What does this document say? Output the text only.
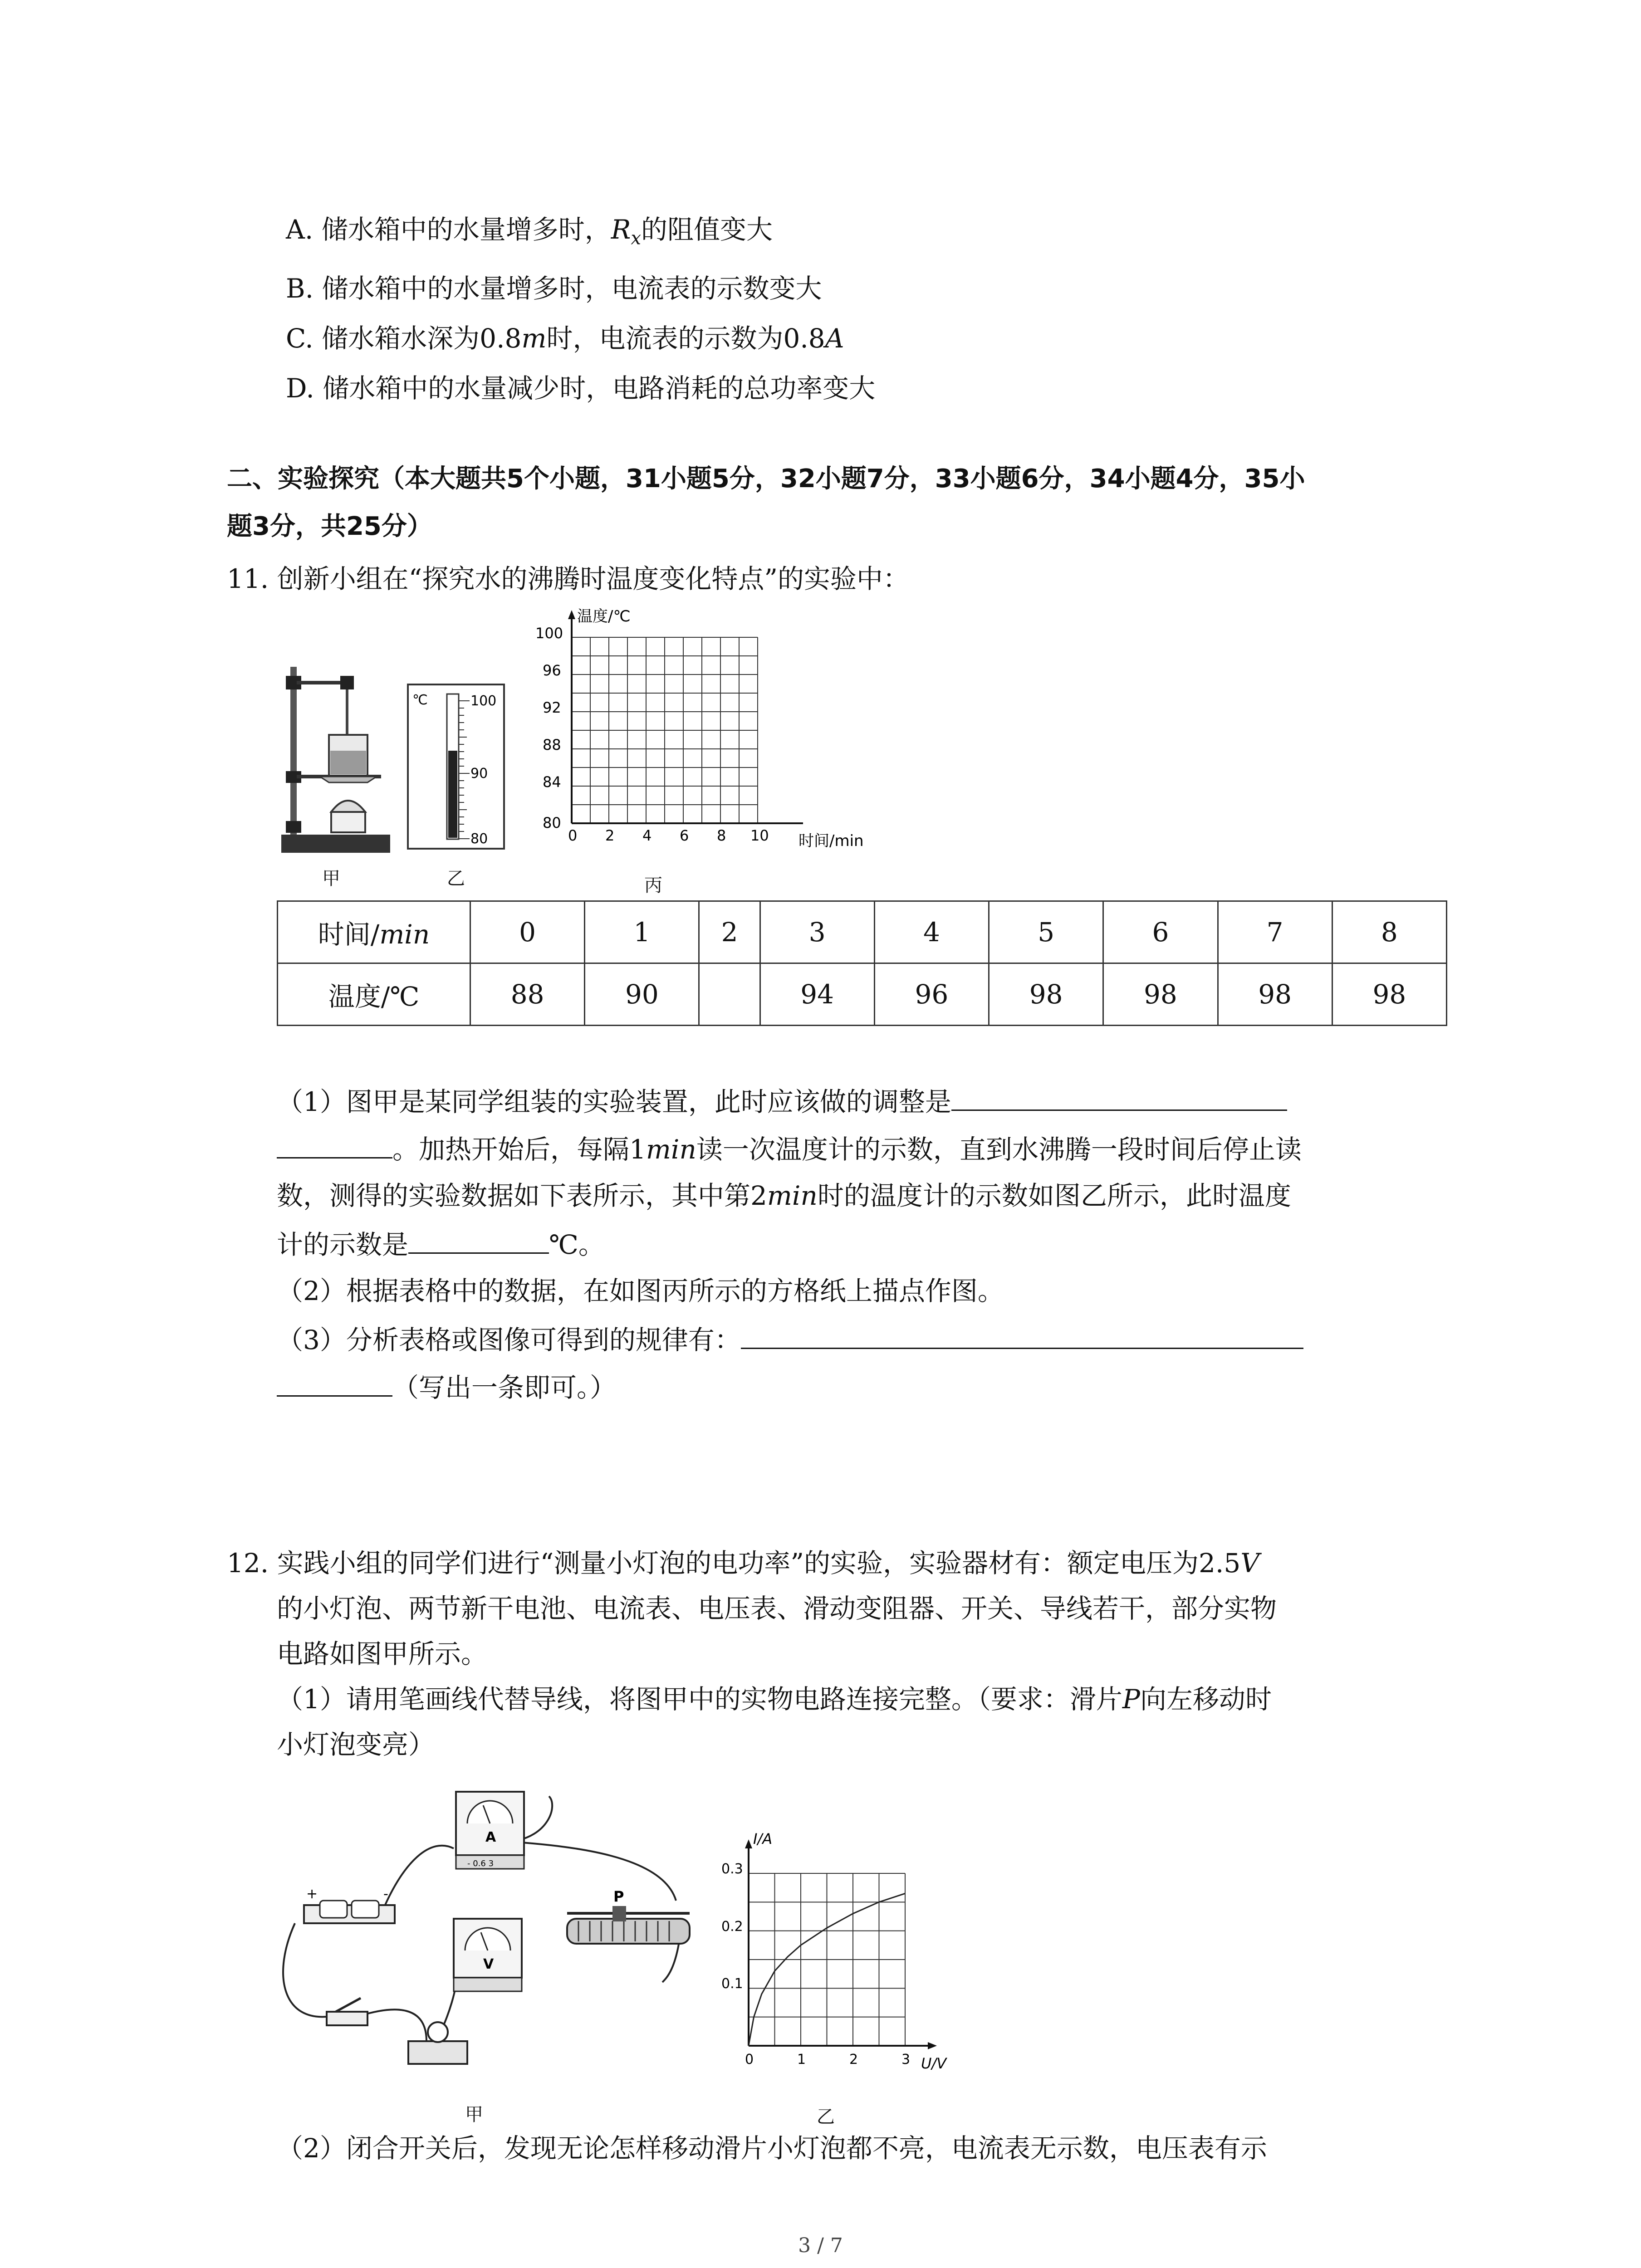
A. 储水箱中的水量增多时，$R_x$的阻值变大
B. 储水箱中的水量增多时，电流表的示数变大
C. 储水箱水深为0.8m时，电流表的示数为0.8A
D. 储水箱中的水量减少时，电路消耗的总功率变大
二、实验探究（本大题共5个小题，31小题5分，32小题7分，33小题6分，34小题4分，35小
题3分，共25分）
11. 创新小组在“探究水的沸腾时温度变化特点”的实验中：
甲
℃	100
90
80
乙
温度/℃
时间/min
100
96
92
88
84
80
0 2 4 6 8 10
丙
时间/min	0	1	2	3	4	5	6	7	8
温度/℃	88	90		94	96	98	98	98	98
（1）图甲是某同学组装的实验装置，此时应该做的调整是
。加热开始后，每隔1min读一次温度计的示数，直到水沸腾一段时间后停止读
数，测得的实验数据如下表所示，其中第2min时的温度计的示数如图乙所示，此时温度
计的示数是	℃。
（2）根据表格中的数据，在如图丙所示的方格纸上描点作图。
（3）分析表格或图像可得到的规律有：
（写出一条即可。）
12. 实践小组的同学们进行“测量小灯泡的电功率”的实验，实验器材有：额定电压为2.5V
的小灯泡、两节新干电池、电流表、电压表、滑动变阻器、开关、导线若干，部分实物
电路如图甲所示。
（1）请用笔画线代替导线，将图甲中的实物电路连接完整。（要求：滑片P向左移动时
小灯泡变亮）
+	-
A
- 0.6 3
V
P
甲
I/A
U/V
0.3
0.2
0.1
0	1	2	3
乙
（2）闭合开关后，发现无论怎样移动滑片小灯泡都不亮，电流表无示数，电压表有示
3 / 7
